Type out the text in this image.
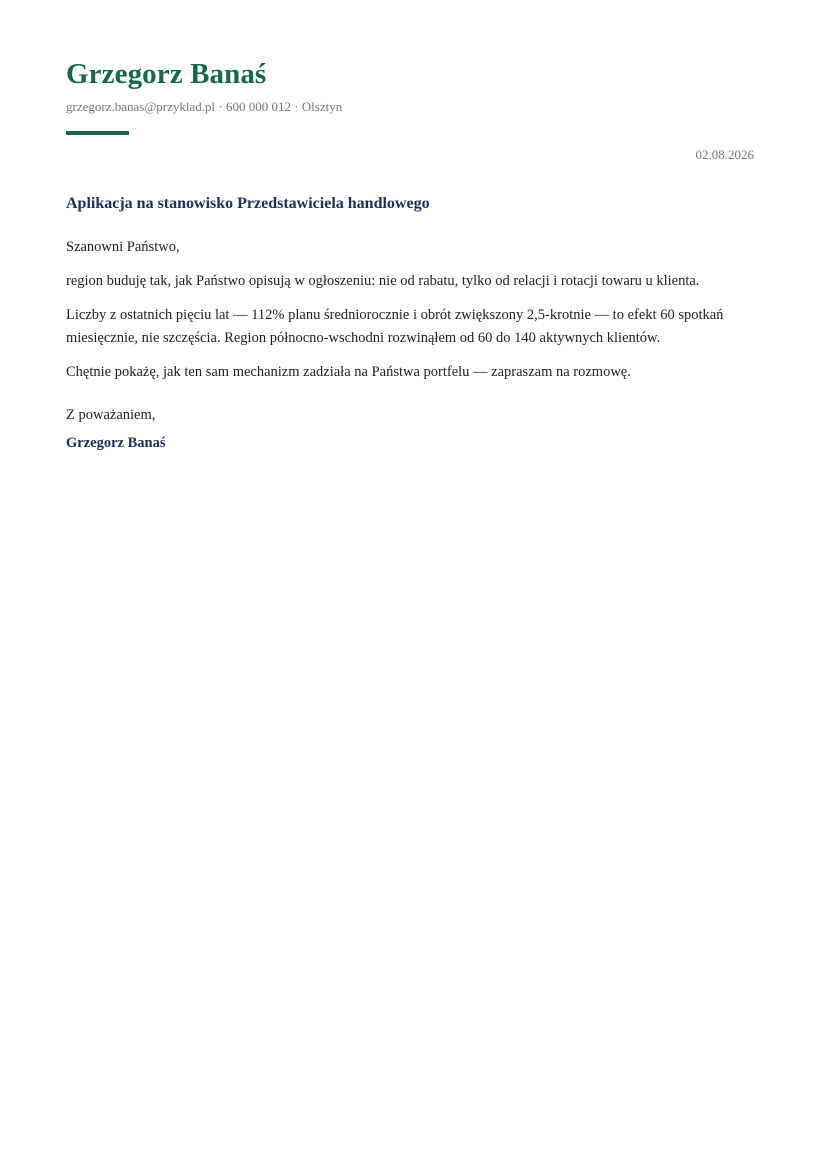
Grzegorz Banaś
grzegorz.banas@przyklad.pl · 600 000 012 · Olsztyn
02.08.2026
Aplikacja na stanowisko Przedstawiciela handlowego

Szanowni Państwo,

region buduję tak, jak Państwo opisują w ogłoszeniu: nie od rabatu, tylko od relacji i rotacji towaru u klienta.

Liczby z ostatnich pięciu lat — 112% planu średniorocznie i obrót zwiększony 2,5-krotnie — to efekt 60 spotkań miesięcznie, nie szczęścia. Region północno-wschodni rozwinąłem od 60 do 140 aktywnych klientów.

Chętnie pokażę, jak ten sam mechanizm zadziała na Państwa portfelu — zapraszam na rozmowę.

Z poważaniem,
Grzegorz Banaś
